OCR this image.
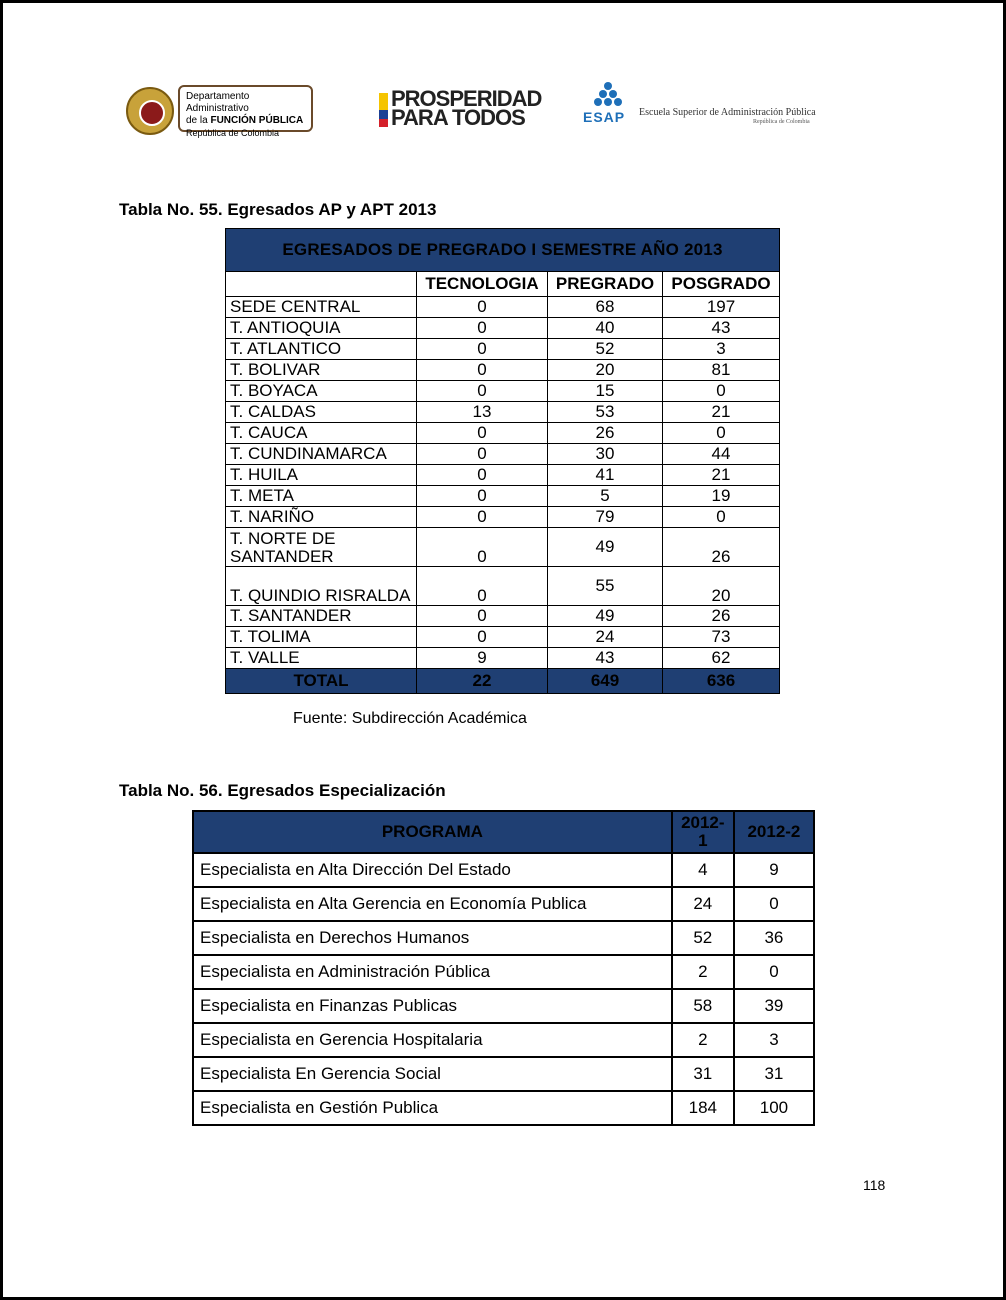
Departamento Administrativo
de la FUNCIÓN PÚBLICA
República de Colombia
PROSPERIDAD
PARA TODOS	ESAP Escuela Superior de Administración Pública
República de Colombia
Tabla No. 55. Egresados AP y APT 2013
EGRESADOS DE PREGRADO I SEMESTRE AÑO 2013			
	TECNOLOGIA	PREGRADO	POSGRADO
SEDE CENTRAL	0	68	197
T. ANTIOQUIA	0	40	43
T. ATLANTICO	0	52	3
T. BOLIVAR	0	20	81
T. BOYACA	0	15	0
T. CALDAS	13	53	21
T. CAUCA	0	26	0
T. CUNDINAMARCA	0	30	44
T. HUILA	0	41	21
T. META	0	5	19
T. NARIÑO	0	79	0
T. NORTE DE SANTANDER	0	49	26
T. QUINDIO RISRALDA	0	55	20
T. SANTANDER	0	49	26
T. TOLIMA	0	24	73
T. VALLE	9	43	62
TOTAL	22	649	636
Fuente: Subdirección Académica
Tabla No. 56. Egresados Especialización
PROGRAMA	2012-1	2012-2
Especialista en Alta Dirección Del Estado	4	9
Especialista en Alta Gerencia en Economía Publica	24	0
Especialista en Derechos Humanos	52	36
Especialista en Administración Pública	2	0
Especialista en Finanzas Publicas	58	39
Especialista en Gerencia Hospitalaria	2	3
Especialista En Gerencia Social	31	31
Especialista en Gestión Publica	184	100
118
